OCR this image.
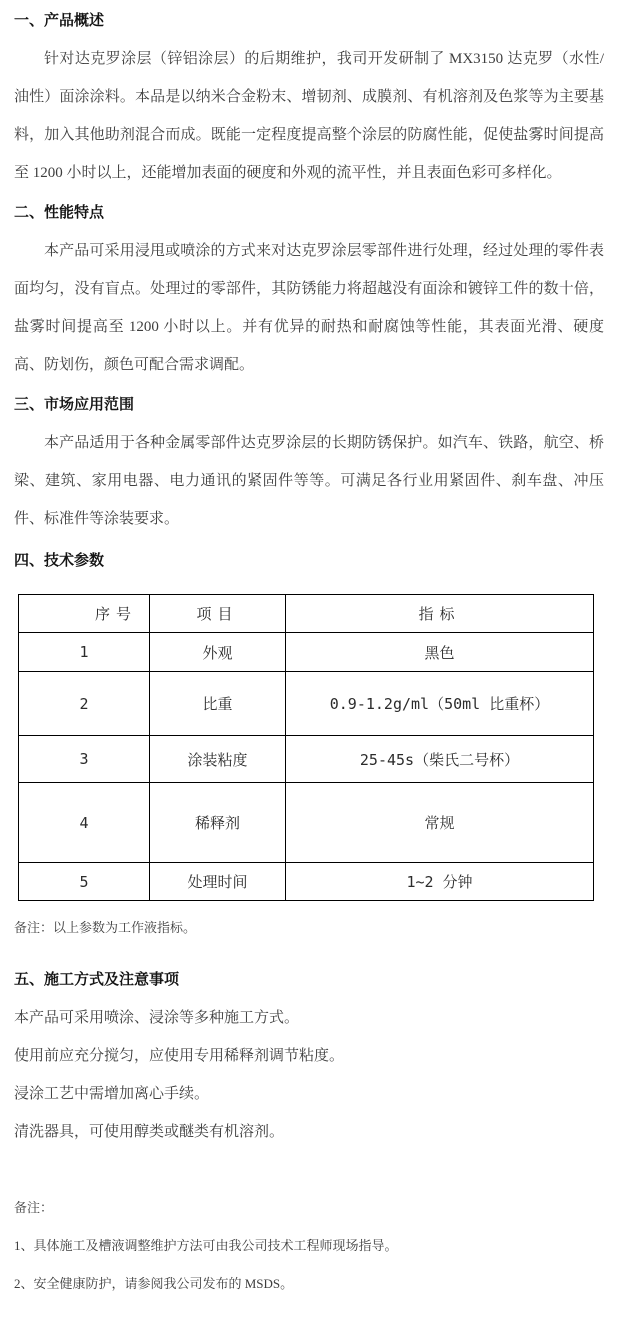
一、产品概述

针对达克罗涂层（锌铝涂层）的后期维护，我司开发研制了 MX3150 达克罗（水性/油性）面涂涂料。本品是以纳米合金粉末、增韧剂、成膜剂、有机溶剂及色浆等为主要基料，加入其他助剂混合而成。既能一定程度提高整个涂层的防腐性能，促使盐雾时间提高至 1200 小时以上，还能增加表面的硬度和外观的流平性，并且表面色彩可多样化。

二、性能特点

本产品可采用浸甩或喷涂的方式来对达克罗涂层零部件进行处理，经过处理的零件表面均匀，没有盲点。处理过的零部件，其防锈能力将超越没有面涂和镀锌工件的数十倍，盐雾时间提高至 1200 小时以上。并有优异的耐热和耐腐蚀等性能，其表面光滑、硬度高、防划伤，颜色可配合需求调配。

三、市场应用范围

本产品适用于各种金属零部件达克罗涂层的长期防锈保护。如汽车、铁路，航空、桥梁、建筑、家用电器、电力通讯的紧固件等等。可满足各行业用紧固件、刹车盘、冲压件、标准件等涂装要求。

四、技术参数
序号	项目	指标
1	外观	黑色
2	比重	0.9-1.2g/ml（50ml 比重杯）
3	涂装粘度	25-45s（柴氏二号杯）
4	稀释剂	常规
5	处理时间	1~2 分钟

备注：以上参数为工作液指标。

五、施工方式及注意事项

本产品可采用喷涂、浸涂等多种施工方式。

使用前应充分搅匀，应使用专用稀释剂调节粘度。

浸涂工艺中需增加离心手续。

清洗器具，可使用醇类或醚类有机溶剂。

备注：

1、具体施工及槽液调整维护方法可由我公司技术工程师现场指导。

2、安全健康防护，请参阅我公司发布的 MSDS。
